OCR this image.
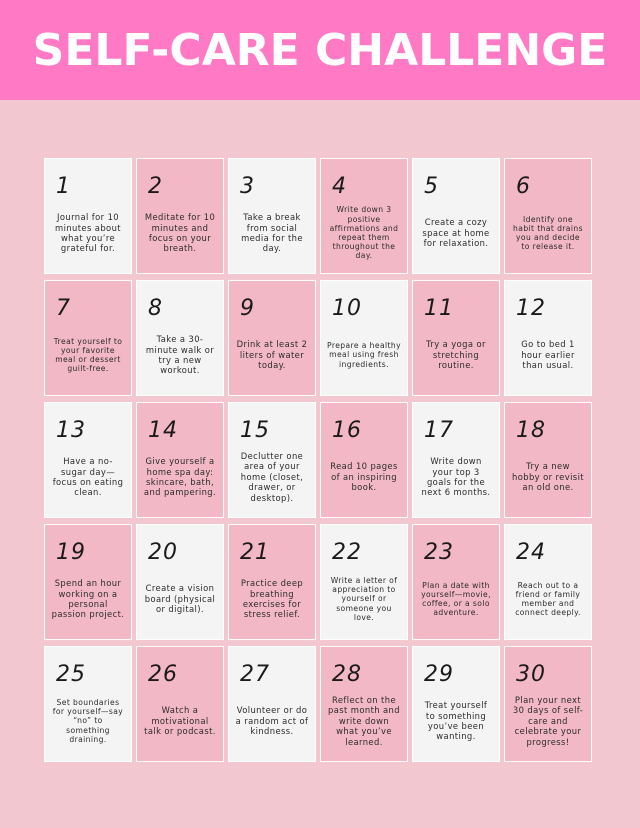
SELF-CARE CHALLENGE
1
Journal for 10 minutes about what you’re grateful for.
2
Meditate for 10 minutes and focus on your breath.
3
Take a break from social media for the day.
4
Write down 3 positive affirmations and repeat them throughout the day.
5
Create a cozy space at home for relaxation.
6
Identify one habit that drains you and decide to release it.
7
Treat yourself to your favorite meal or dessert guilt-free.
8
Take a 30-minute walk or try a new workout.
9
Drink at least 2 liters of water today.
10
Prepare a healthy meal using fresh ingredients.
11
Try a yoga or stretching routine.
12
Go to bed 1 hour earlier than usual.
13
Have a no-sugar day—focus on eating clean.
14
Give yourself a home spa day: skincare, bath, and pampering.
15
Declutter one area of your home (closet, drawer, or desktop).
16
Read 10 pages of an inspiring book.
17
Write down your top 3 goals for the next 6 months.
18
Try a new hobby or revisit an old one.
19
Spend an hour working on a personal passion project.
20
Create a vision board (physical or digital).
21
Practice deep breathing exercises for stress relief.
22
Write a letter of appreciation to yourself or someone you love.
23
Plan a date with yourself—movie, coffee, or a solo adventure.
24
Reach out to a friend or family member and connect deeply.
25
Set boundaries for yourself—say “no” to something draining.
26
Watch a motivational talk or podcast.
27
Volunteer or do a random act of kindness.
28
Reflect on the past month and write down what you’ve learned.
29
Treat yourself to something you’ve been wanting.
30
Plan your next 30 days of self-care and celebrate your progress!
